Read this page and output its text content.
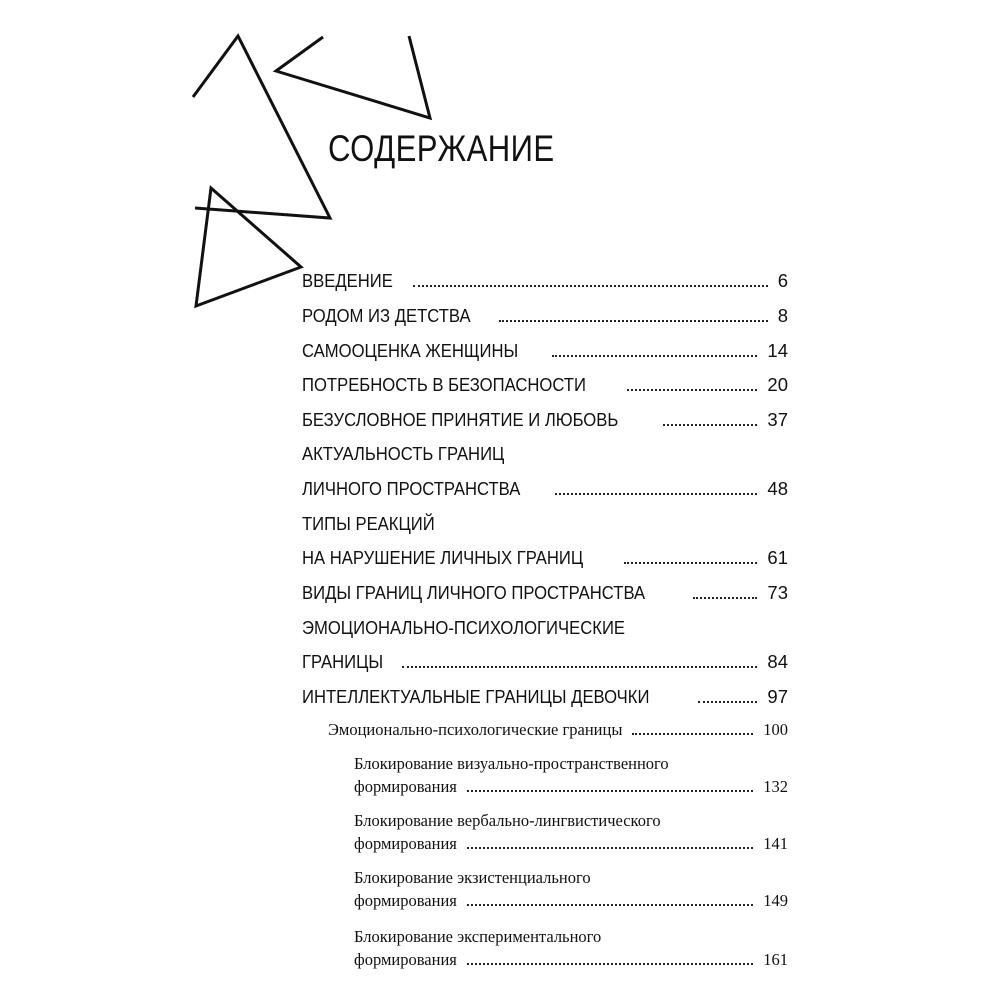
СОДЕРЖАНИЕ
ВВЕДЕНИЕ	6
РОДОМ ИЗ ДЕТСТВА	8
САМООЦЕНКА ЖЕНЩИНЫ	14
ПОТРЕБНОСТЬ В БЕЗОПАСНОСТИ	20
БЕЗУСЛОВНОЕ ПРИНЯТИЕ И ЛЮБОВЬ	37
АКТУАЛЬНОСТЬ ГРАНИЦ
ЛИЧНОГО ПРОСТРАНСТВА	48
ТИПЫ РЕАКЦИЙ
НА НАРУШЕНИЕ ЛИЧНЫХ ГРАНИЦ	61
ВИДЫ ГРАНИЦ ЛИЧНОГО ПРОСТРАНСТВА	73
ЭМОЦИОНАЛЬНО-ПСИХОЛОГИЧЕСКИЕ
ГРАНИЦЫ	84
ИНТЕЛЛЕКТУАЛЬНЫЕ ГРАНИЦЫ ДЕВОЧКИ	97
Эмоционально-психологические границы	100
Блокирование визуально-пространственного
формирования	132
Блокирование вербально-лингвистического
формирования	141
Блокирование экзистенциального
формирования	149
Блокирование экспериментального
формирования	161
